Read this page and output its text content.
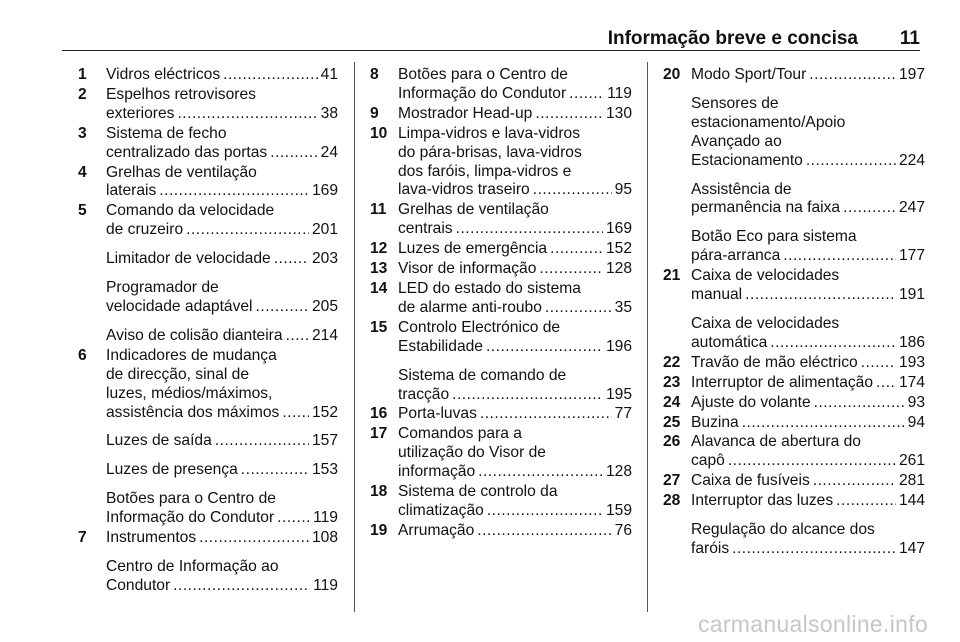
Informação breve e concisa 11
1 Vidros eléctricos .....	41
2 Espelhos retrovisores
exteriores .....	38
3 Sistema de fecho
centralizado das portas .....	24
4 Grelhas de ventilação
laterais .....	169
5 Comando da velocidade
de cruzeiro .....	201
Limitador de velocidade .....	203
Programador de
velocidade adaptável .....	205
Aviso de colisão dianteira ..... 214
6 Indicadores de mudança
de direcção, sinal de
luzes, médios/máximos,
assistência dos máximos ..... 152
Luzes de saída .....	157
Luzes de presença .....	153
Botões para o Centro de
Informação do Condutor ..... 119
7 Instrumentos .....	108
Centro de Informação ao
Condutor .....	119
8 Botões para o Centro de
Informação do Condutor .....	119
9 Mostrador Head-up .....	130
10 Limpa-vidros e lava-vidros
do pára-brisas, lava-vidros
dos faróis, limpa-vidros e
lava-vidros traseiro .....	95
11 Grelhas de ventilação
centrais .....	169
12 Luzes de emergência .....	152
13 Visor de informação .....	128
14 LED do estado do sistema
de alarme anti-roubo .....	35
15 Controlo Electrónico de
Estabilidade .....	196
Sistema de comando de
tracção .....	195
16 Porta-luvas .....	77
17 Comandos para a
utilização do Visor de
informação .....	128
18 Sistema de controlo da
climatização .....	159
19 Arrumação .....	76
20 Modo Sport/Tour .....	197
Sensores de
estacionamento/Apoio
Avançado ao
Estacionamento .....	224
Assistência de
permanência na faixa .....	247
Botão Eco para sistema
pára-arranca .....	177
21 Caixa de velocidades
manual .....	191
Caixa de velocidades
automática .....	186
22 Travão de mão eléctrico .....	193
23 Interruptor de alimentação ..... 174
24 Ajuste do volante .....	93
25 Buzina .....	94
26 Alavanca de abertura do
capô .....	261
27 Caixa de fusíveis .....	281
28 Interruptor das luzes .....	144
Regulação do alcance dos
faróis .....	147
carmanualsonline.info
